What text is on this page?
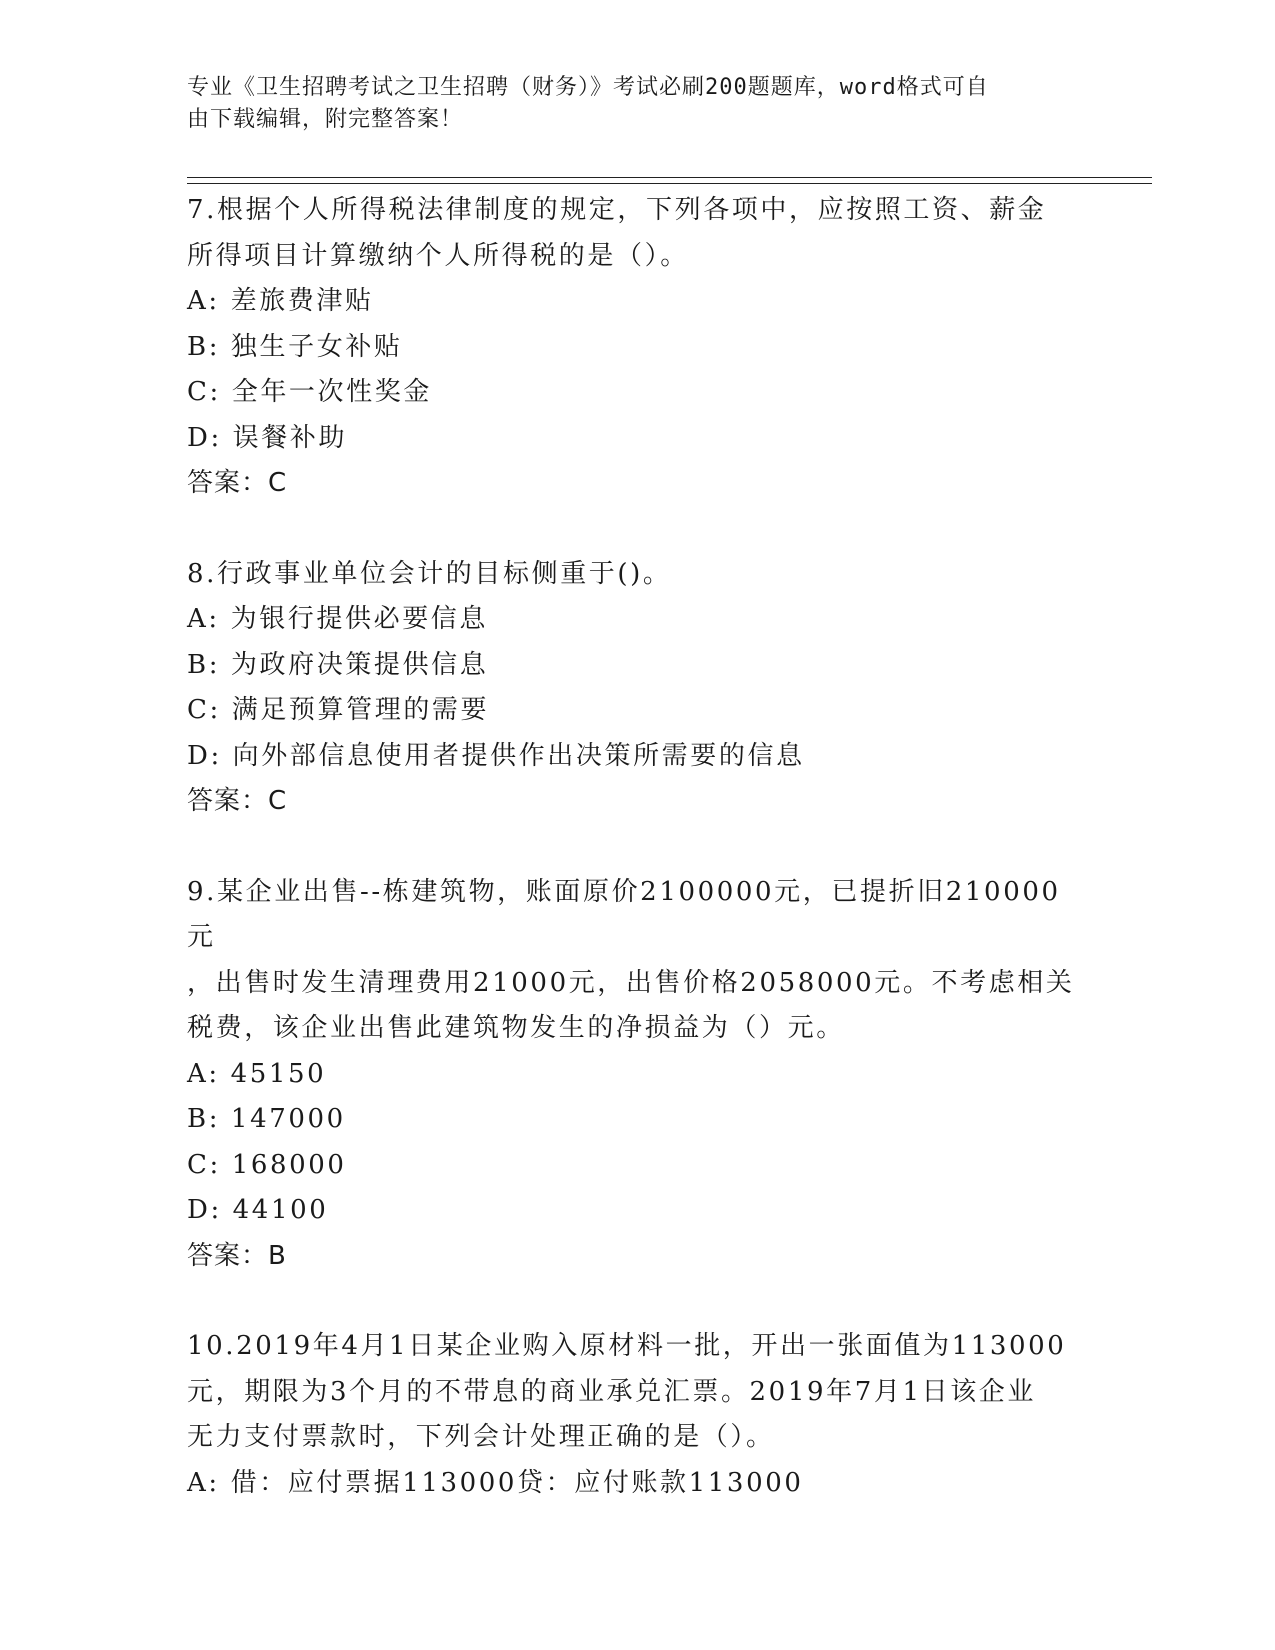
专业《卫生招聘考试之卫生招聘（财务）》考试必刷200题题库，word格式可自
由下载编辑，附完整答案！
7.根据个人所得税法律制度的规定，下列各项中，应按照工资、薪金
所得项目计算缴纳个人所得税的是（）。
A: 差旅费津贴
B: 独生子女补贴
C: 全年一次性奖金
D: 误餐补助
答案：C
8.行政事业单位会计的目标侧重于()。
A: 为银行提供必要信息
B: 为政府决策提供信息
C: 满足预算管理的需要
D: 向外部信息使用者提供作出决策所需要的信息
答案：C
9.某企业出售--栋建筑物，账面原价2100000元，已提折旧210000元
，出售时发生清理费用21000元，出售价格2058000元。不考虑相关
税费，该企业出售此建筑物发生的净损益为（）元。
A: 45150
B: 147000
C: 168000
D: 44100
答案：B
10.2019年4月1日某企业购入原材料一批，开出一张面值为113000
元，期限为3个月的不带息的商业承兑汇票。2019年7月1日该企业
无力支付票款时，下列会计处理正确的是（）。
A: 借：应付票据113000贷：应付账款113000
